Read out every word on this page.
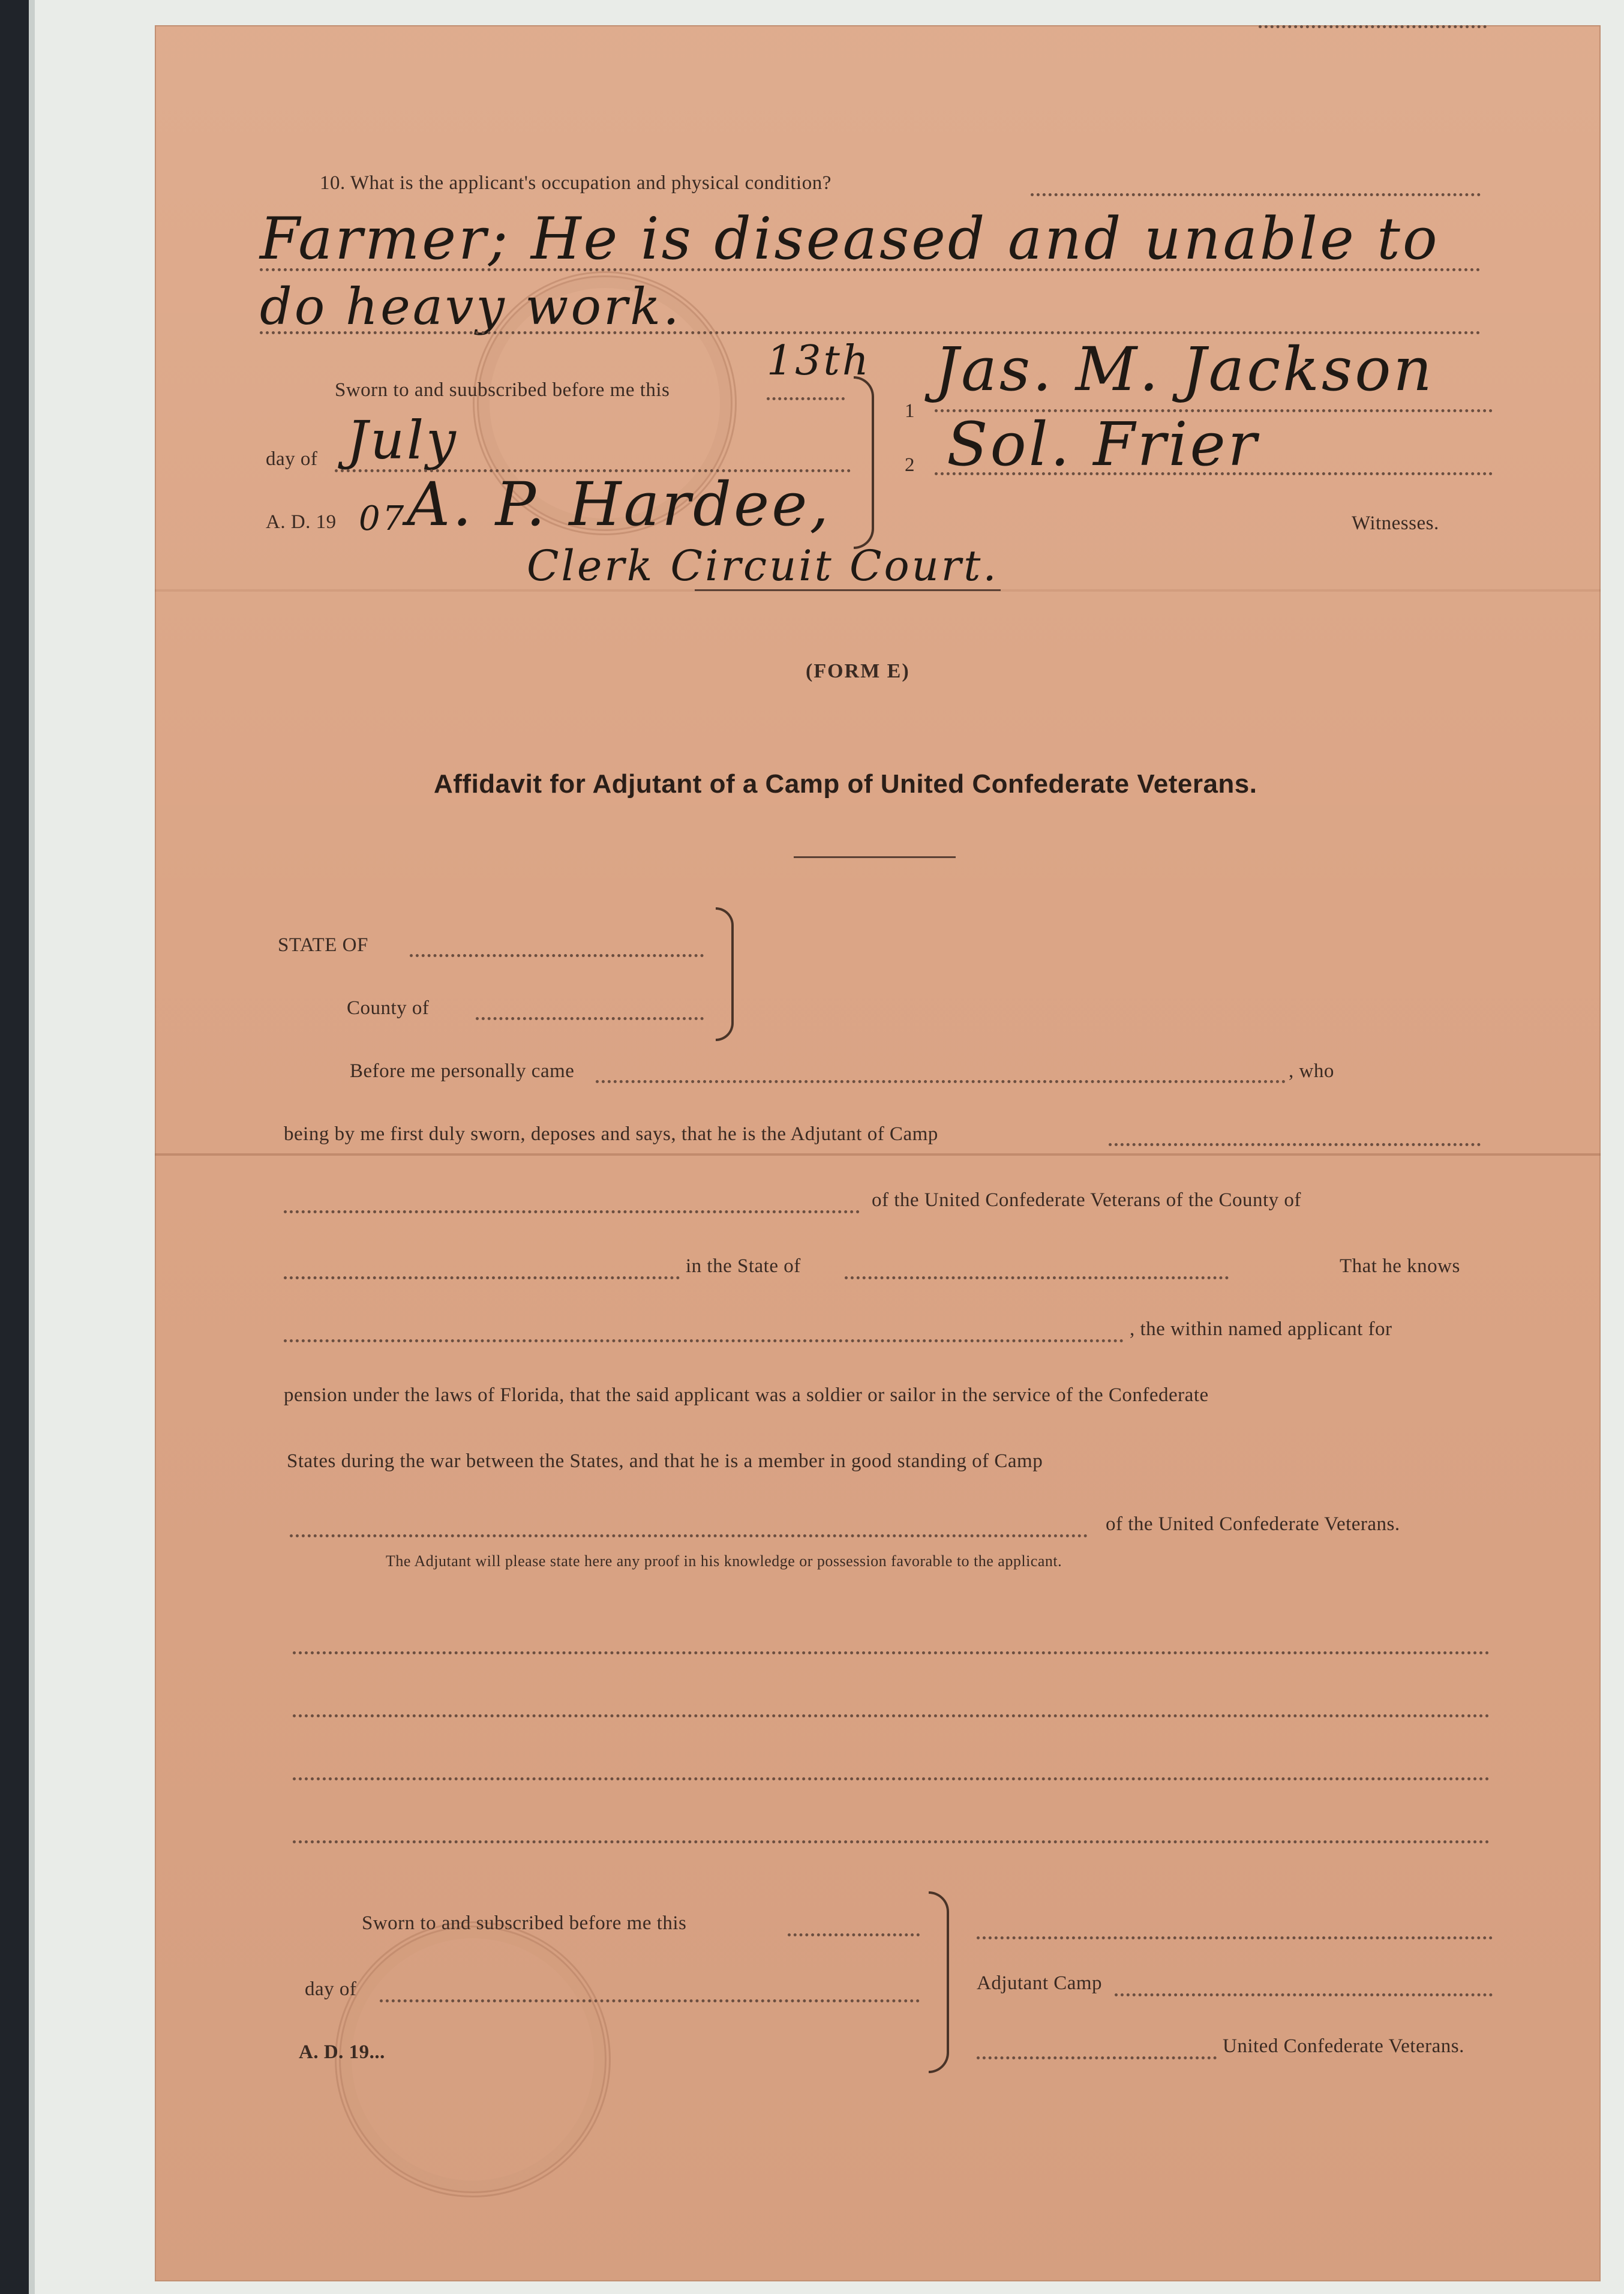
10. What is the applicant's occupation and physical condition?
Farmer; He is diseased and unable to
do heavy work.
Sworn to and suubscribed before me this
13th
day of July
A. D. 19 07 A. P. Hardee,
Clerk Circuit Court.
1
Jas. M. Jackson
2 Sol. Frier
Witnesses.
(FORM E)
Affidavit for Adjutant of a Camp of United Confederate Veterans.
STATE OF
County of
Before me personally came	, who
being by me first duly sworn, deposes and says, that he is the Adjutant of Camp
of the United Confederate Veterans of the County of
in the State of	That he knows
, the within named applicant for
pension under the laws of Florida, that the said applicant was a soldier or sailor in the service of the Confederate
States during the war between the States, and that he is a member in good standing of Camp
of the United Confederate Veterans.
The Adjutant will please state here any proof in his knowledge or possession favorable to the applicant.
Sworn to and subscribed before me this
day of
A. D. 19...
Adjutant Camp
United Confederate Veterans.
